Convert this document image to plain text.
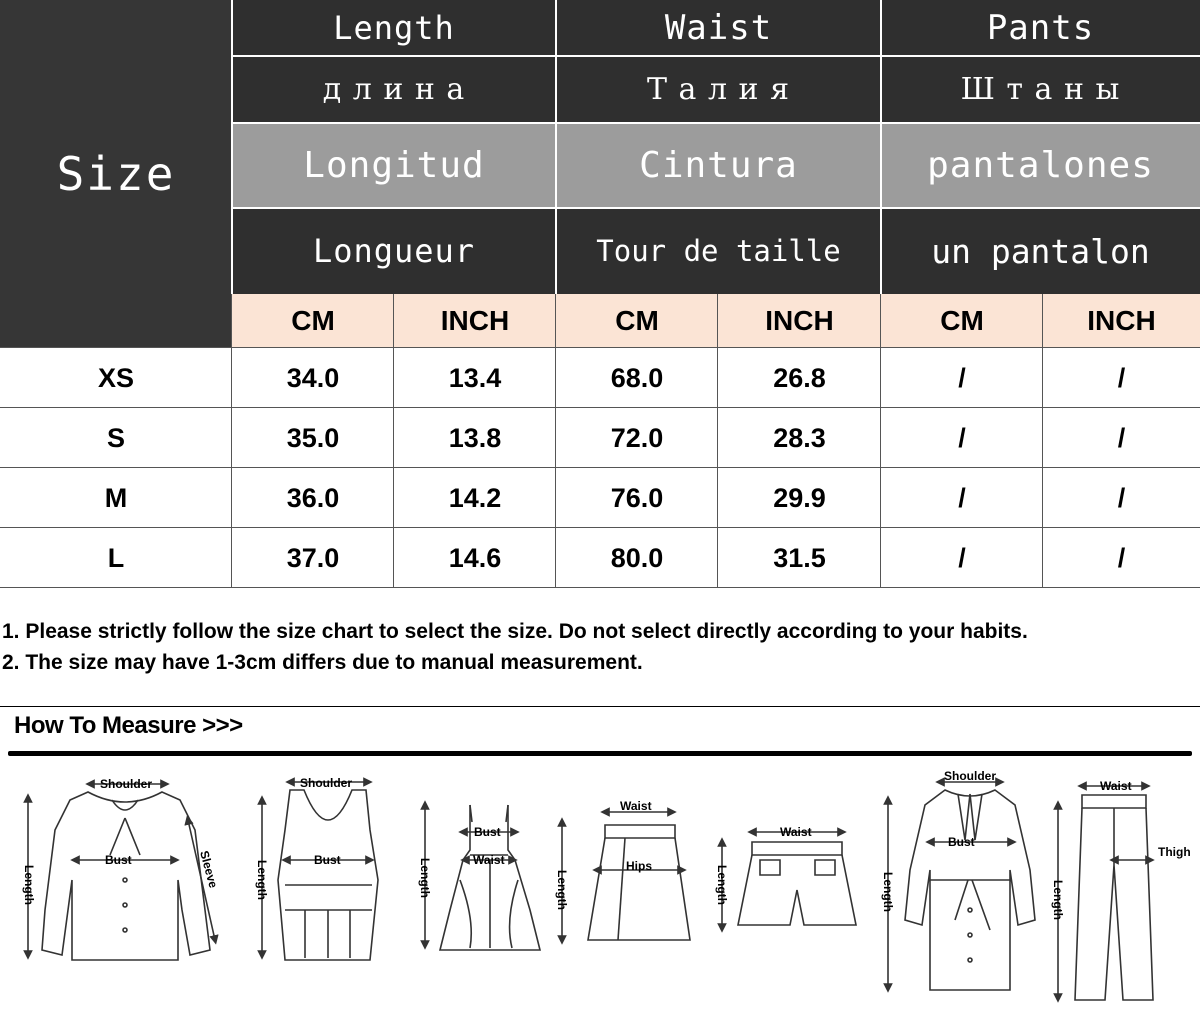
Size
Length	Waist	Pants
д л и н а	Т а л и я	Ш т а н ы
Longitud	Cintura	pantalones
Longueur	Tour de taille	un pantalon
CM	INCH	CM	INCH	CM	INCH
XS	34.0	13.4	68.0	26.8	/	/
S	35.0	13.8	72.0	28.3	/	/
M	36.0	14.2	76.0	29.9	/	/
L	37.0	14.6	80.0	31.5	/	/
1. Please strictly follow the size chart to select the size. Do not select directly according to your habits.
2. The size may have 1-3cm differs due to manual measurement.
How To Measure >>>
Shoulder
Bust	Sleeve
Length
Shoulder
Bust
Length
Bust
Waist
Length
Waist
Hips
Length
Waist
Length
Shoulder
Bust
Length
Waist
Thigh
Length
